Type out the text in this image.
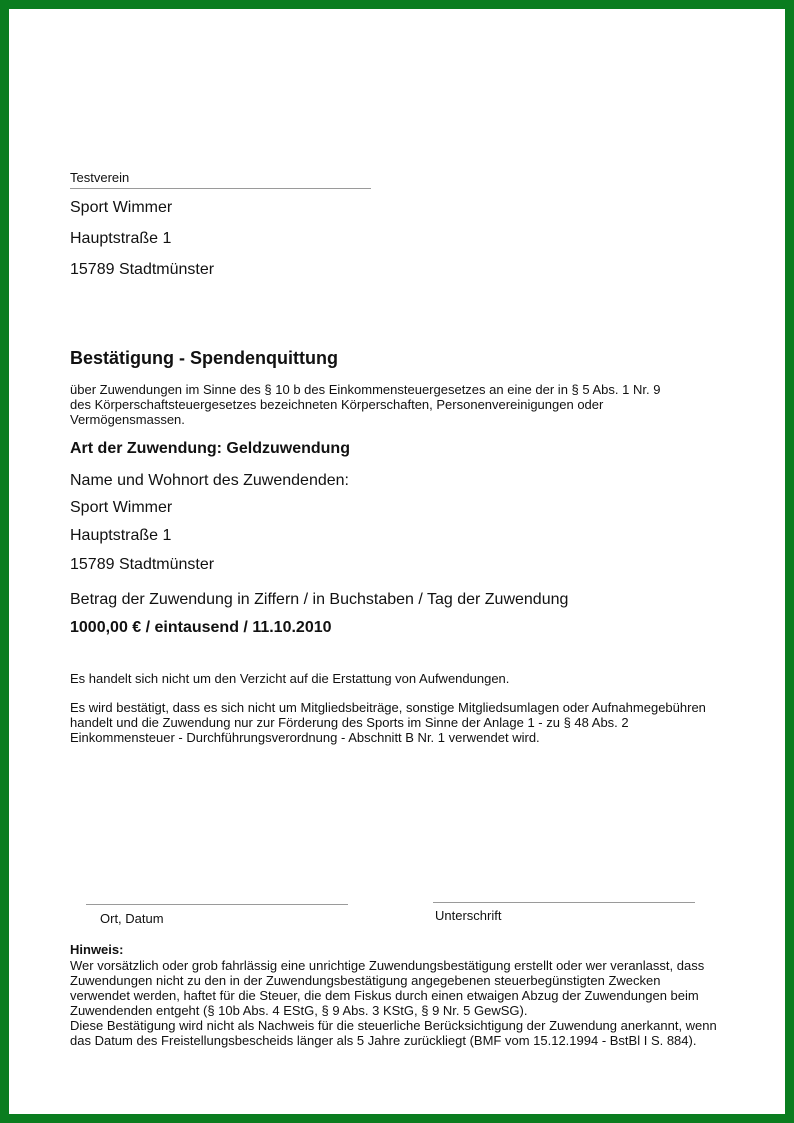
Testverein
Sport Wimmer
Hauptstraße 1
15789 Stadtmünster
Bestätigung - Spendenquittung
über Zuwendungen im Sinne des § 10 b des Einkommensteuergesetzes an eine der in § 5 Abs. 1 Nr. 9
des Körperschaftsteuergesetzes bezeichneten Körperschaften, Personenvereinigungen oder
Vermögensmassen.
Art der Zuwendung: Geldzuwendung
Name und Wohnort des Zuwendenden:
Sport Wimmer
Hauptstraße 1
15789 Stadtmünster
Betrag der Zuwendung in Ziffern / in Buchstaben / Tag der Zuwendung
1000,00 € / eintausend / 11.10.2010
Es handelt sich nicht um den Verzicht auf die Erstattung von Aufwendungen.
Es wird bestätigt, dass es sich nicht um Mitgliedsbeiträge, sonstige Mitgliedsumlagen oder Aufnahmegebühren
handelt und die Zuwendung nur zur Förderung des Sports im Sinne der Anlage 1 - zu § 48 Abs. 2
Einkommensteuer - Durchführungsverordnung - Abschnitt B Nr. 1 verwendet wird.
Ort, Datum	Unterschrift
Hinweis:
Wer vorsätzlich oder grob fahrlässig eine unrichtige Zuwendungsbestätigung erstellt oder wer veranlasst, dass
Zuwendungen nicht zu den in der Zuwendungsbestätigung angegebenen steuerbegünstigten Zwecken
verwendet werden, haftet für die Steuer, die dem Fiskus durch einen etwaigen Abzug der Zuwendungen beim
Zuwendenden entgeht (§ 10b Abs. 4 EStG, § 9 Abs. 3 KStG, § 9 Nr. 5 GewSG).
Diese Bestätigung wird nicht als Nachweis für die steuerliche Berücksichtigung der Zuwendung anerkannt, wenn
das Datum des Freistellungsbescheids länger als 5 Jahre zurückliegt (BMF vom 15.12.1994 - BstBl I S. 884).
